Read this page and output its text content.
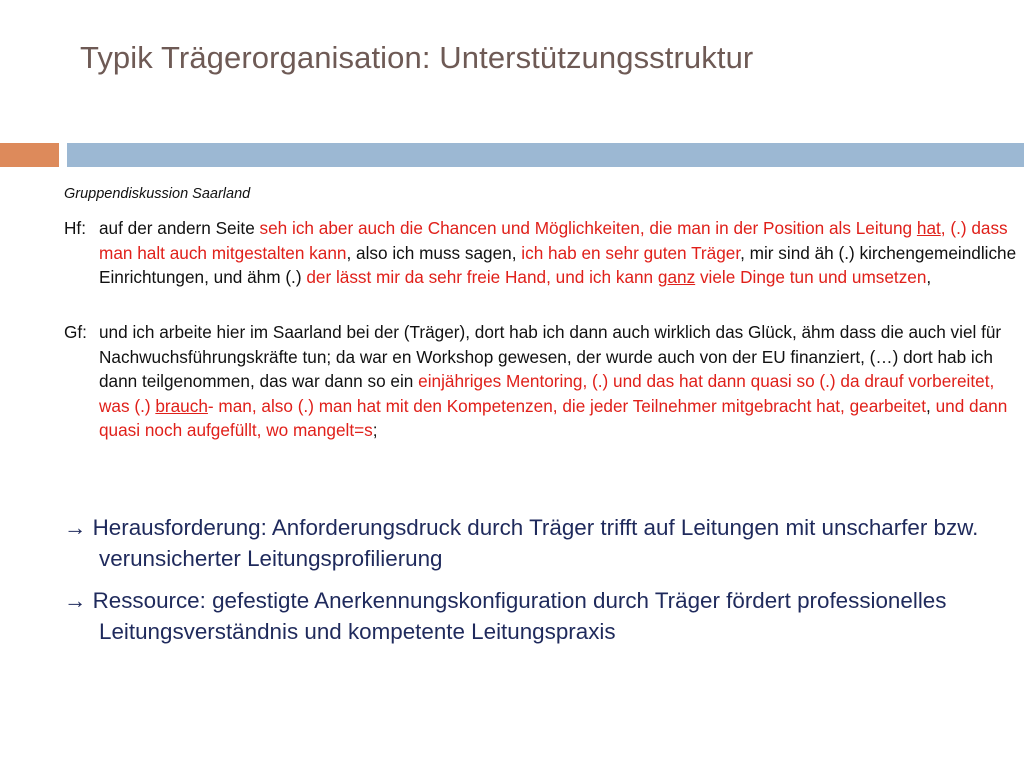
Typik Trägerorganisation: Unterstützungsstruktur
Gruppendiskussion Saarland
Hf: auf der andern Seite seh ich aber auch die Chancen und Möglichkeiten, die man in der Position als Leitung hat, (.) dass man halt auch mitgestalten kann, also ich muss sagen, ich hab en sehr guten Träger, mir sind äh (.) kirchengemeindliche Einrichtungen, und ähm (.) der lässt mir da sehr freie Hand, und ich kann ganz viele Dinge tun und umsetzen,
Gf: und ich arbeite hier im Saarland bei der (Träger), dort hab ich dann auch wirklich das Glück, ähm dass die auch viel für Nachwuchsführungskräfte tun; da war en Workshop gewesen, der wurde auch von der EU finanziert, (…) dort hab ich dann teilgenommen, das war dann so ein einjähriges Mentoring, (.) und das hat dann quasi so (.) da drauf vorbereitet, was (.) brauch- man, also (.) man hat mit den Kompetenzen, die jeder Teilnehmer mitgebracht hat, gearbeitet, und dann quasi noch aufgefüllt, wo mangelt=s;
→ Herausforderung: Anforderungsdruck durch Träger trifft auf Leitungen mit unscharfer bzw. verunsicherter Leitungsprofilierung
→ Ressource: gefestigte Anerkennungskonfiguration durch Träger fördert professionelles Leitungsverständnis und kompetente Leitungspraxis
